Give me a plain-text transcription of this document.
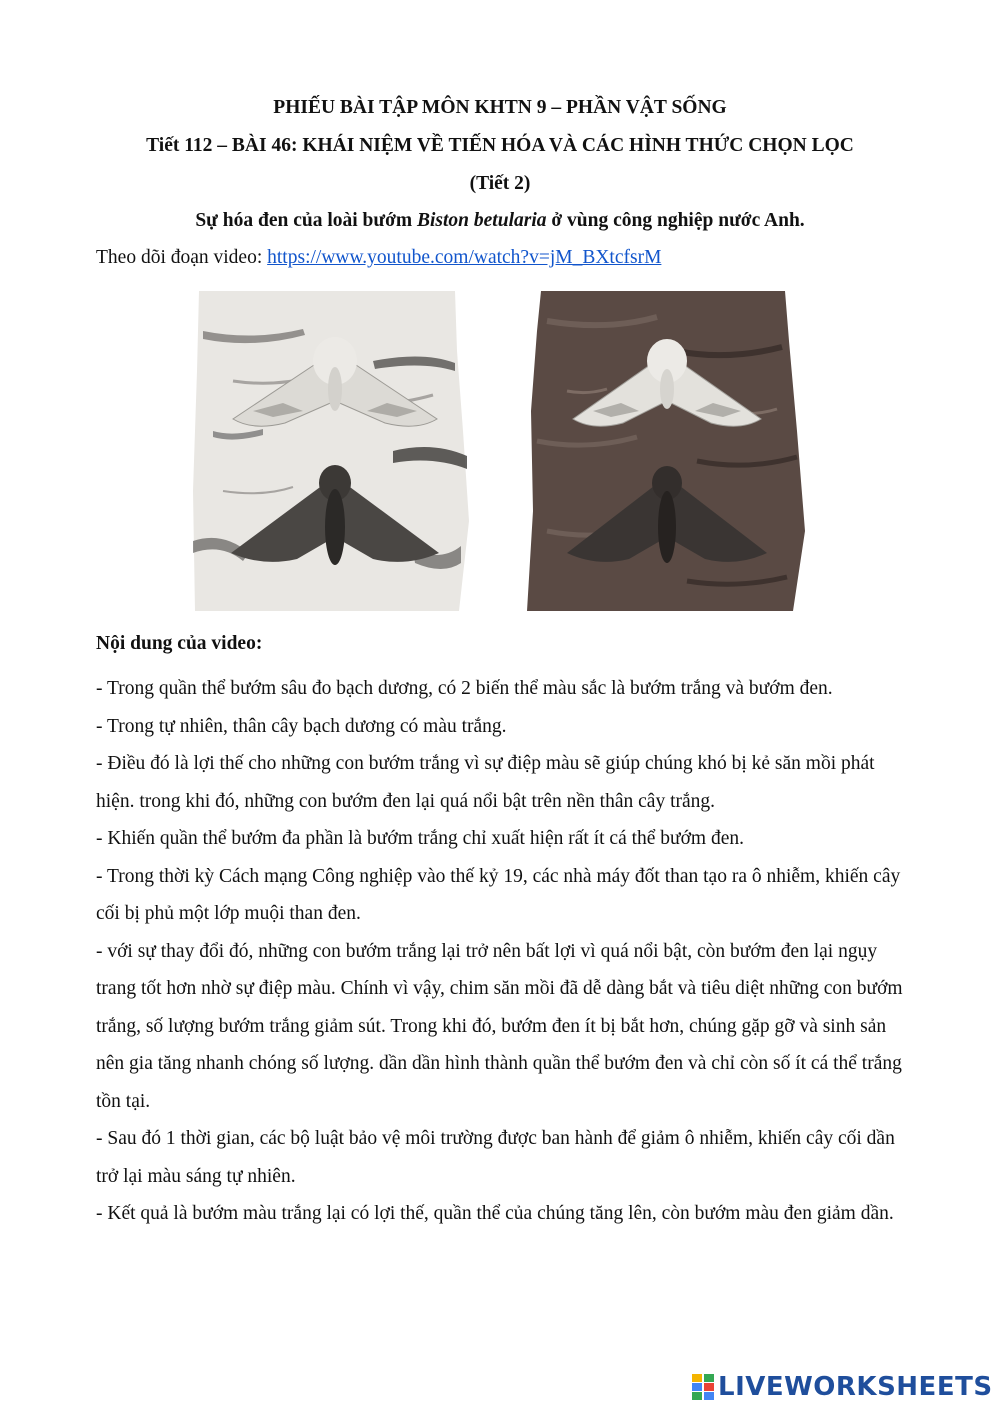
PHIẾU BÀI TẬP MÔN KHTN 9 – PHẦN VẬT SỐNG
Tiết 112 – BÀI 46: KHÁI NIỆM VỀ TIẾN HÓA VÀ CÁC HÌNH THỨC CHỌN LỌC
(Tiết 2)
Sự hóa đen của loài bướm Biston betularia ở vùng công nghiệp nước Anh.
Theo dõi đoạn video: https://www.youtube.com/watch?v=jM_BXtcfsrM
Nội dung của video:

- Trong quần thể bướm sâu đo bạch dương, có 2 biến thể màu sắc là bướm trắng và bướm đen.

- Trong tự nhiên, thân cây bạch dương có màu trắng.

- Điều đó là lợi thế cho những con bướm trắng vì sự điệp màu sẽ giúp chúng khó bị kẻ săn mồi phát hiện. trong khi đó, những con bướm đen lại quá nổi bật trên nền thân cây trắng.

- Khiến quần thể bướm đa phần là bướm trắng chỉ xuất hiện rất ít cá thể bướm đen.

- Trong thời kỳ Cách mạng Công nghiệp vào thế kỷ 19, các nhà máy đốt than tạo ra ô nhiễm, khiến cây cối bị phủ một lớp muội than đen.

- với sự thay đổi đó, những con bướm trắng lại trở nên bất lợi vì quá nổi bật, còn bướm đen lại ngụy trang tốt hơn nhờ sự điệp màu. Chính vì vậy, chim săn mồi đã dễ dàng bắt và tiêu diệt những con bướm trắng, số lượng bướm trắng giảm sút. Trong khi đó, bướm đen ít bị bắt hơn, chúng gặp gỡ và sinh sản nên gia tăng nhanh chóng số lượng. dần dần hình thành quần thể bướm đen và chỉ còn số ít cá thể trắng tồn tại.

- Sau đó 1 thời gian, các bộ luật bảo vệ môi trường được ban hành để giảm ô nhiễm, khiến cây cối dần trở lại màu sáng tự nhiên.

- Kết quả là bướm màu trắng lại có lợi thế, quần thể của chúng tăng lên, còn bướm màu đen giảm dần.

LIVEWORKSHEETS
